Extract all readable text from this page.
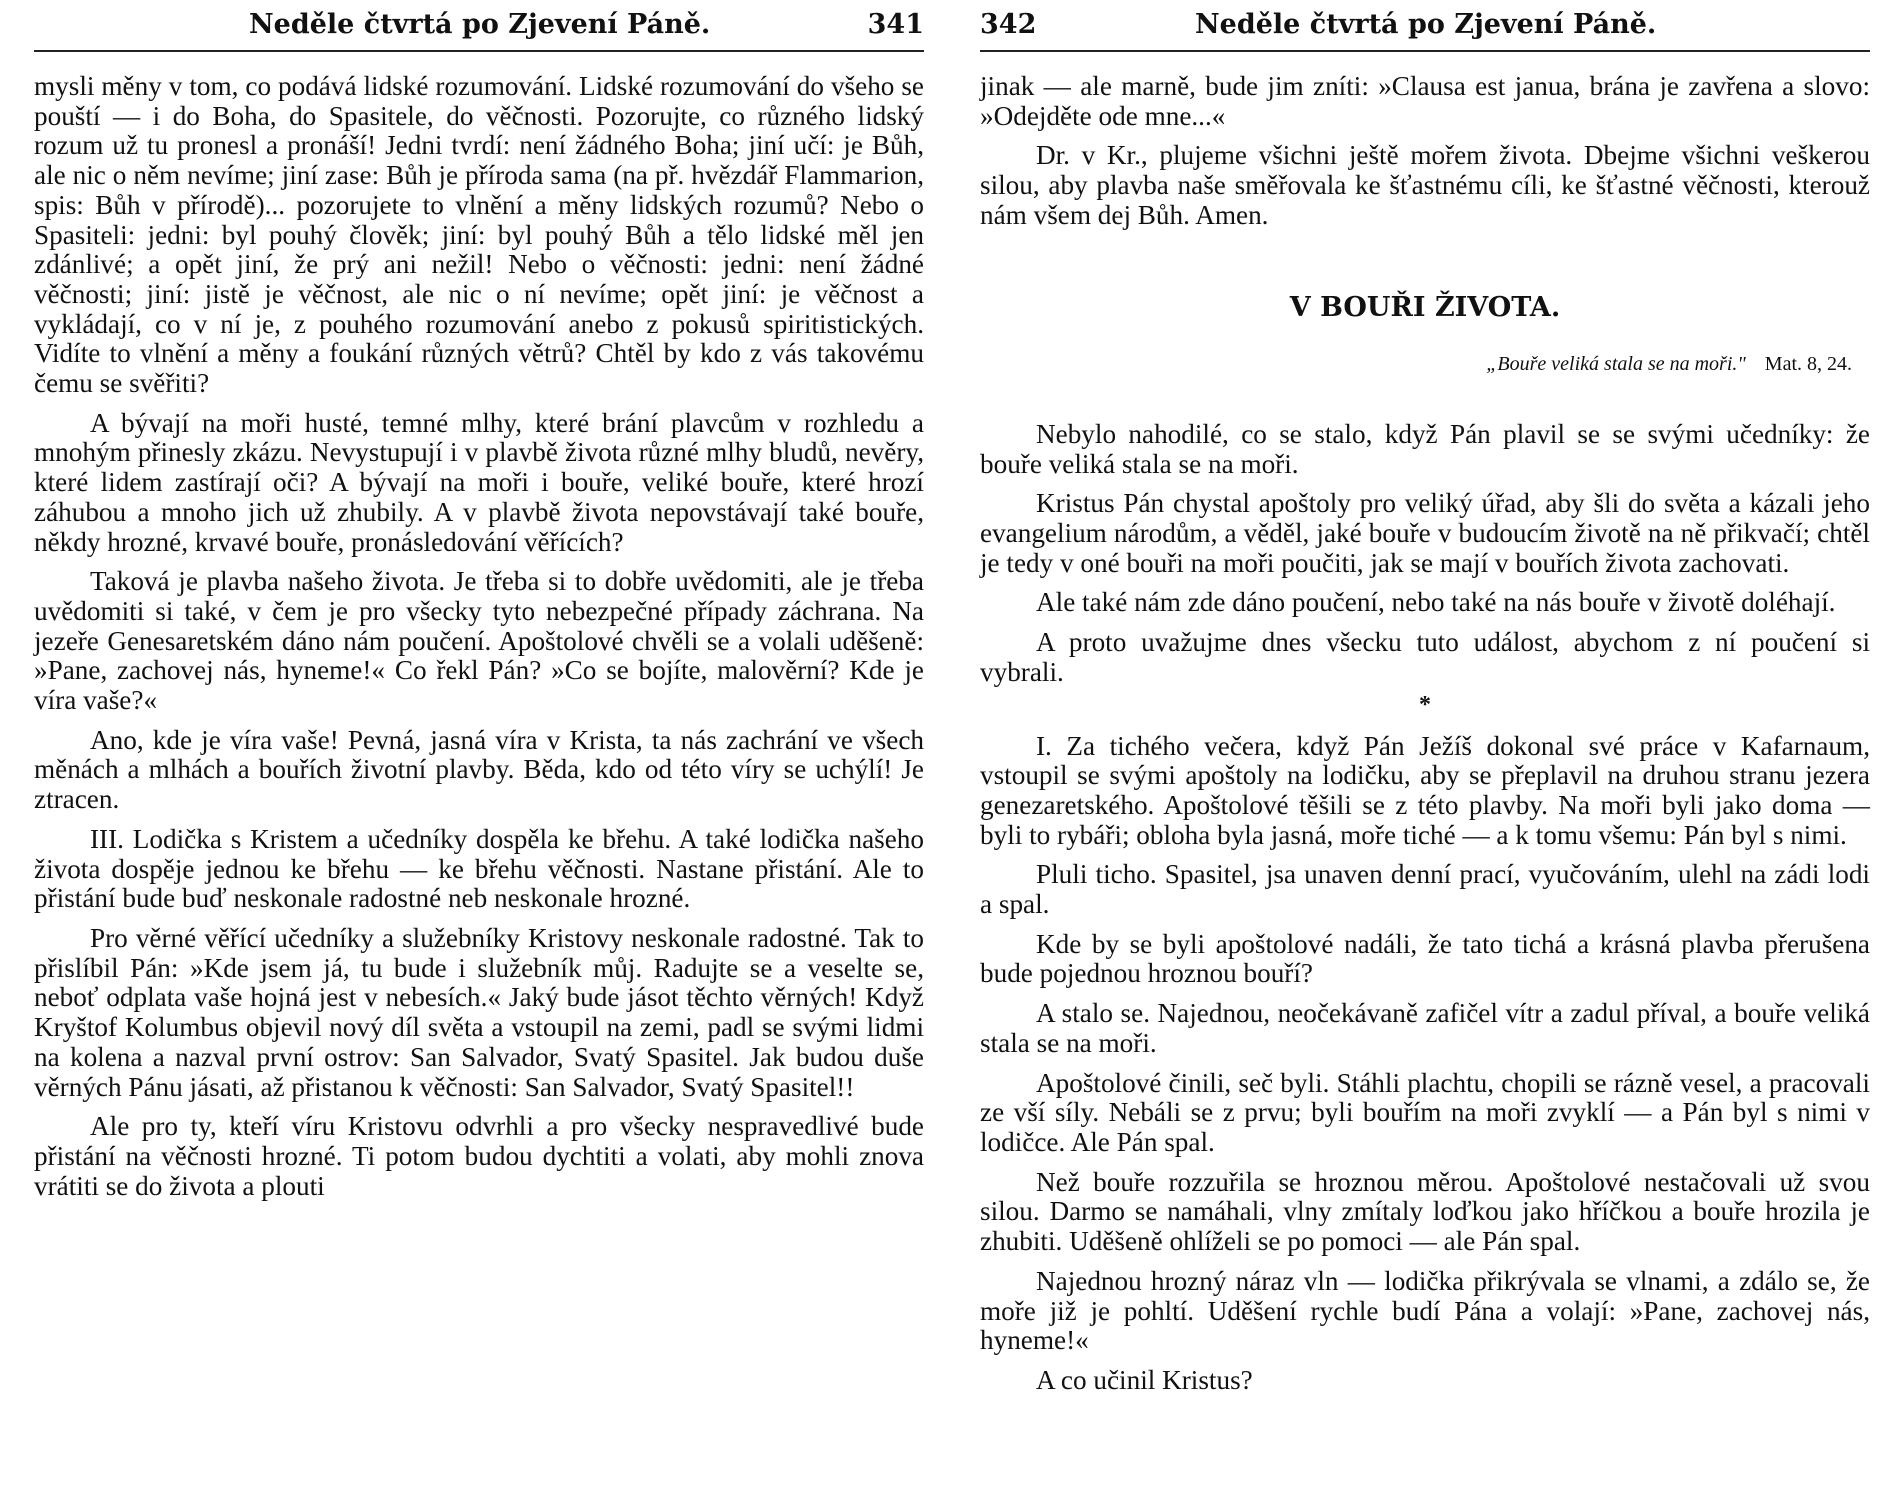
Neděle čtvrtá po Zjevení Páně.	341

mysli měny v tom, co podává lidské rozumování. Lidské rozumování do všeho se pouští — i do Boha, do Spasitele, do věčnosti. Pozorujte, co různého lidský rozum už tu pronesl a pronáší! Jedni tvrdí: není žádného Boha; jiní učí: je Bůh, ale nic o něm nevíme; jiní zase: Bůh je příroda sama (na př. hvězdář Flammarion, spis: Bůh v přírodě)... pozorujete to vlnění a měny lidských rozumů? Nebo o Spasiteli: jedni: byl pouhý člověk; jiní: byl pouhý Bůh a tělo lidské měl jen zdánlivé; a opět jiní, že prý ani nežil! Nebo o věčnosti: jedni: není žádné věčnosti; jiní: jistě je věčnost, ale nic o ní nevíme; opět jiní: je věčnost a vykládají, co v ní je, z pouhého rozumování anebo z pokusů spiritistických. Vidíte to vlnění a měny a foukání různých větrů? Chtěl by kdo z vás takovému čemu se svěřiti?

A bývají na moři husté, temné mlhy, které brání plavcům v rozhledu a mnohým přinesly zkázu. Nevystupují i v plavbě života různé mlhy bludů, nevěry, které lidem zastírají oči? A bývají na moři i bouře, veliké bouře, které hrozí záhubou a mnoho jich už zhubily. A v plavbě života nepovstávají také bouře, někdy hrozné, krvavé bouře, pronásledování věřících?

Taková je plavba našeho života. Je třeba si to dobře uvědomiti, ale je třeba uvědomiti si také, v čem je pro všecky tyto nebezpečné případy záchrana. Na jezeře Genesaretském dáno nám poučení. Apoštolové chvěli se a volali uděšeně: »Pane, zachovej nás, hyneme!« Co řekl Pán? »Co se bojíte, malověrní? Kde je víra vaše?«

Ano, kde je víra vaše! Pevná, jasná víra v Krista, ta nás zachrání ve všech měnách a mlhách a bouřích životní plavby. Běda, kdo od této víry se uchýlí! Je ztracen.

III. Lodička s Kristem a učedníky dospěla ke břehu. A také lodička našeho života dospěje jednou ke břehu — ke břehu věčnosti. Nastane přistání. Ale to přistání bude buď neskonale radostné neb neskonale hrozné.

Pro věrné věřící učedníky a služebníky Kristovy neskonale radostné. Tak to přislíbil Pán: »Kde jsem já, tu bude i služebník můj. Radujte se a veselte se, neboť odplata vaše hojná jest v nebesích.« Jaký bude jásot těchto věrných! Když Kryštof Kolumbus objevil nový díl světa a vstoupil na zemi, padl se svými lidmi na kolena a nazval první ostrov: San Salvador, Svatý Spasitel. Jak budou duše věrných Pánu jásati, až přistanou k věčnosti: San Salvador, Svatý Spasitel!!

Ale pro ty, kteří víru Kristovu odvrhli a pro všecky nespravedlivé bude přistání na věčnosti hrozné. Ti potom budou dychtiti a volati, aby mohli znova vrátiti se do života a plouti

342	Neděle čtvrtá po Zjevení Páně.

jinak — ale marně, bude jim zníti: »Clausa est janua, brána je zavřena a slovo: »Odejděte ode mne...«

Dr. v Kr., plujeme všichni ještě mořem života. Dbejme všichni veškerou silou, aby plavba naše směřovala ke šťastnému cíli, ke šťastné věčnosti, kterouž nám všem dej Bůh. Amen.

V BOUŘI ŽIVOTA.
„Bouře veliká stala se na moři." Mat. 8, 24.

Nebylo nahodilé, co se stalo, když Pán plavil se se svými učedníky: že bouře veliká stala se na moři.

Kristus Pán chystal apoštoly pro veliký úřad, aby šli do světa a kázali jeho evangelium národům, a věděl, jaké bouře v budoucím životě na ně přikvačí; chtěl je tedy v oné bouři na moři poučiti, jak se mají v bouřích života zachovati.

Ale také nám zde dáno poučení, nebo také na nás bouře v životě doléhají.

A proto uvažujme dnes všecku tuto událost, abychom z ní poučení si vybrali.

*

I. Za tichého večera, když Pán Ježíš dokonal své práce v Kafarnaum, vstoupil se svými apoštoly na lodičku, aby se přeplavil na druhou stranu jezera genezaretského. Apoštolové těšili se z této plavby. Na moři byli jako doma — byli to rybáři; obloha byla jasná, moře tiché — a k tomu všemu: Pán byl s nimi.

Pluli ticho. Spasitel, jsa unaven denní prací, vyučováním, ulehl na zádi lodi a spal.

Kde by se byli apoštolové nadáli, že tato tichá a krásná plavba přerušena bude pojednou hroznou bouří?

A stalo se. Najednou, neočekávaně zafičel vítr a zadul příval, a bouře veliká stala se na moři.

Apoštolové činili, seč byli. Stáhli plachtu, chopili se rázně vesel, a pracovali ze vší síly. Nebáli se z prvu; byli bouřím na moři zvyklí — a Pán byl s nimi v lodičce. Ale Pán spal.

Než bouře rozzuřila se hroznou měrou. Apoštolové nestačovali už svou silou. Darmo se namáhali, vlny zmítaly loďkou jako hříčkou a bouře hrozila je zhubiti. Uděšeně ohlíželi se po pomoci — ale Pán spal.

Najednou hrozný náraz vln — lodička přikrývala se vlnami, a zdálo se, že moře již je pohltí. Uděšení rychle budí Pána a volají: »Pane, zachovej nás, hyneme!«

A co učinil Kristus?
